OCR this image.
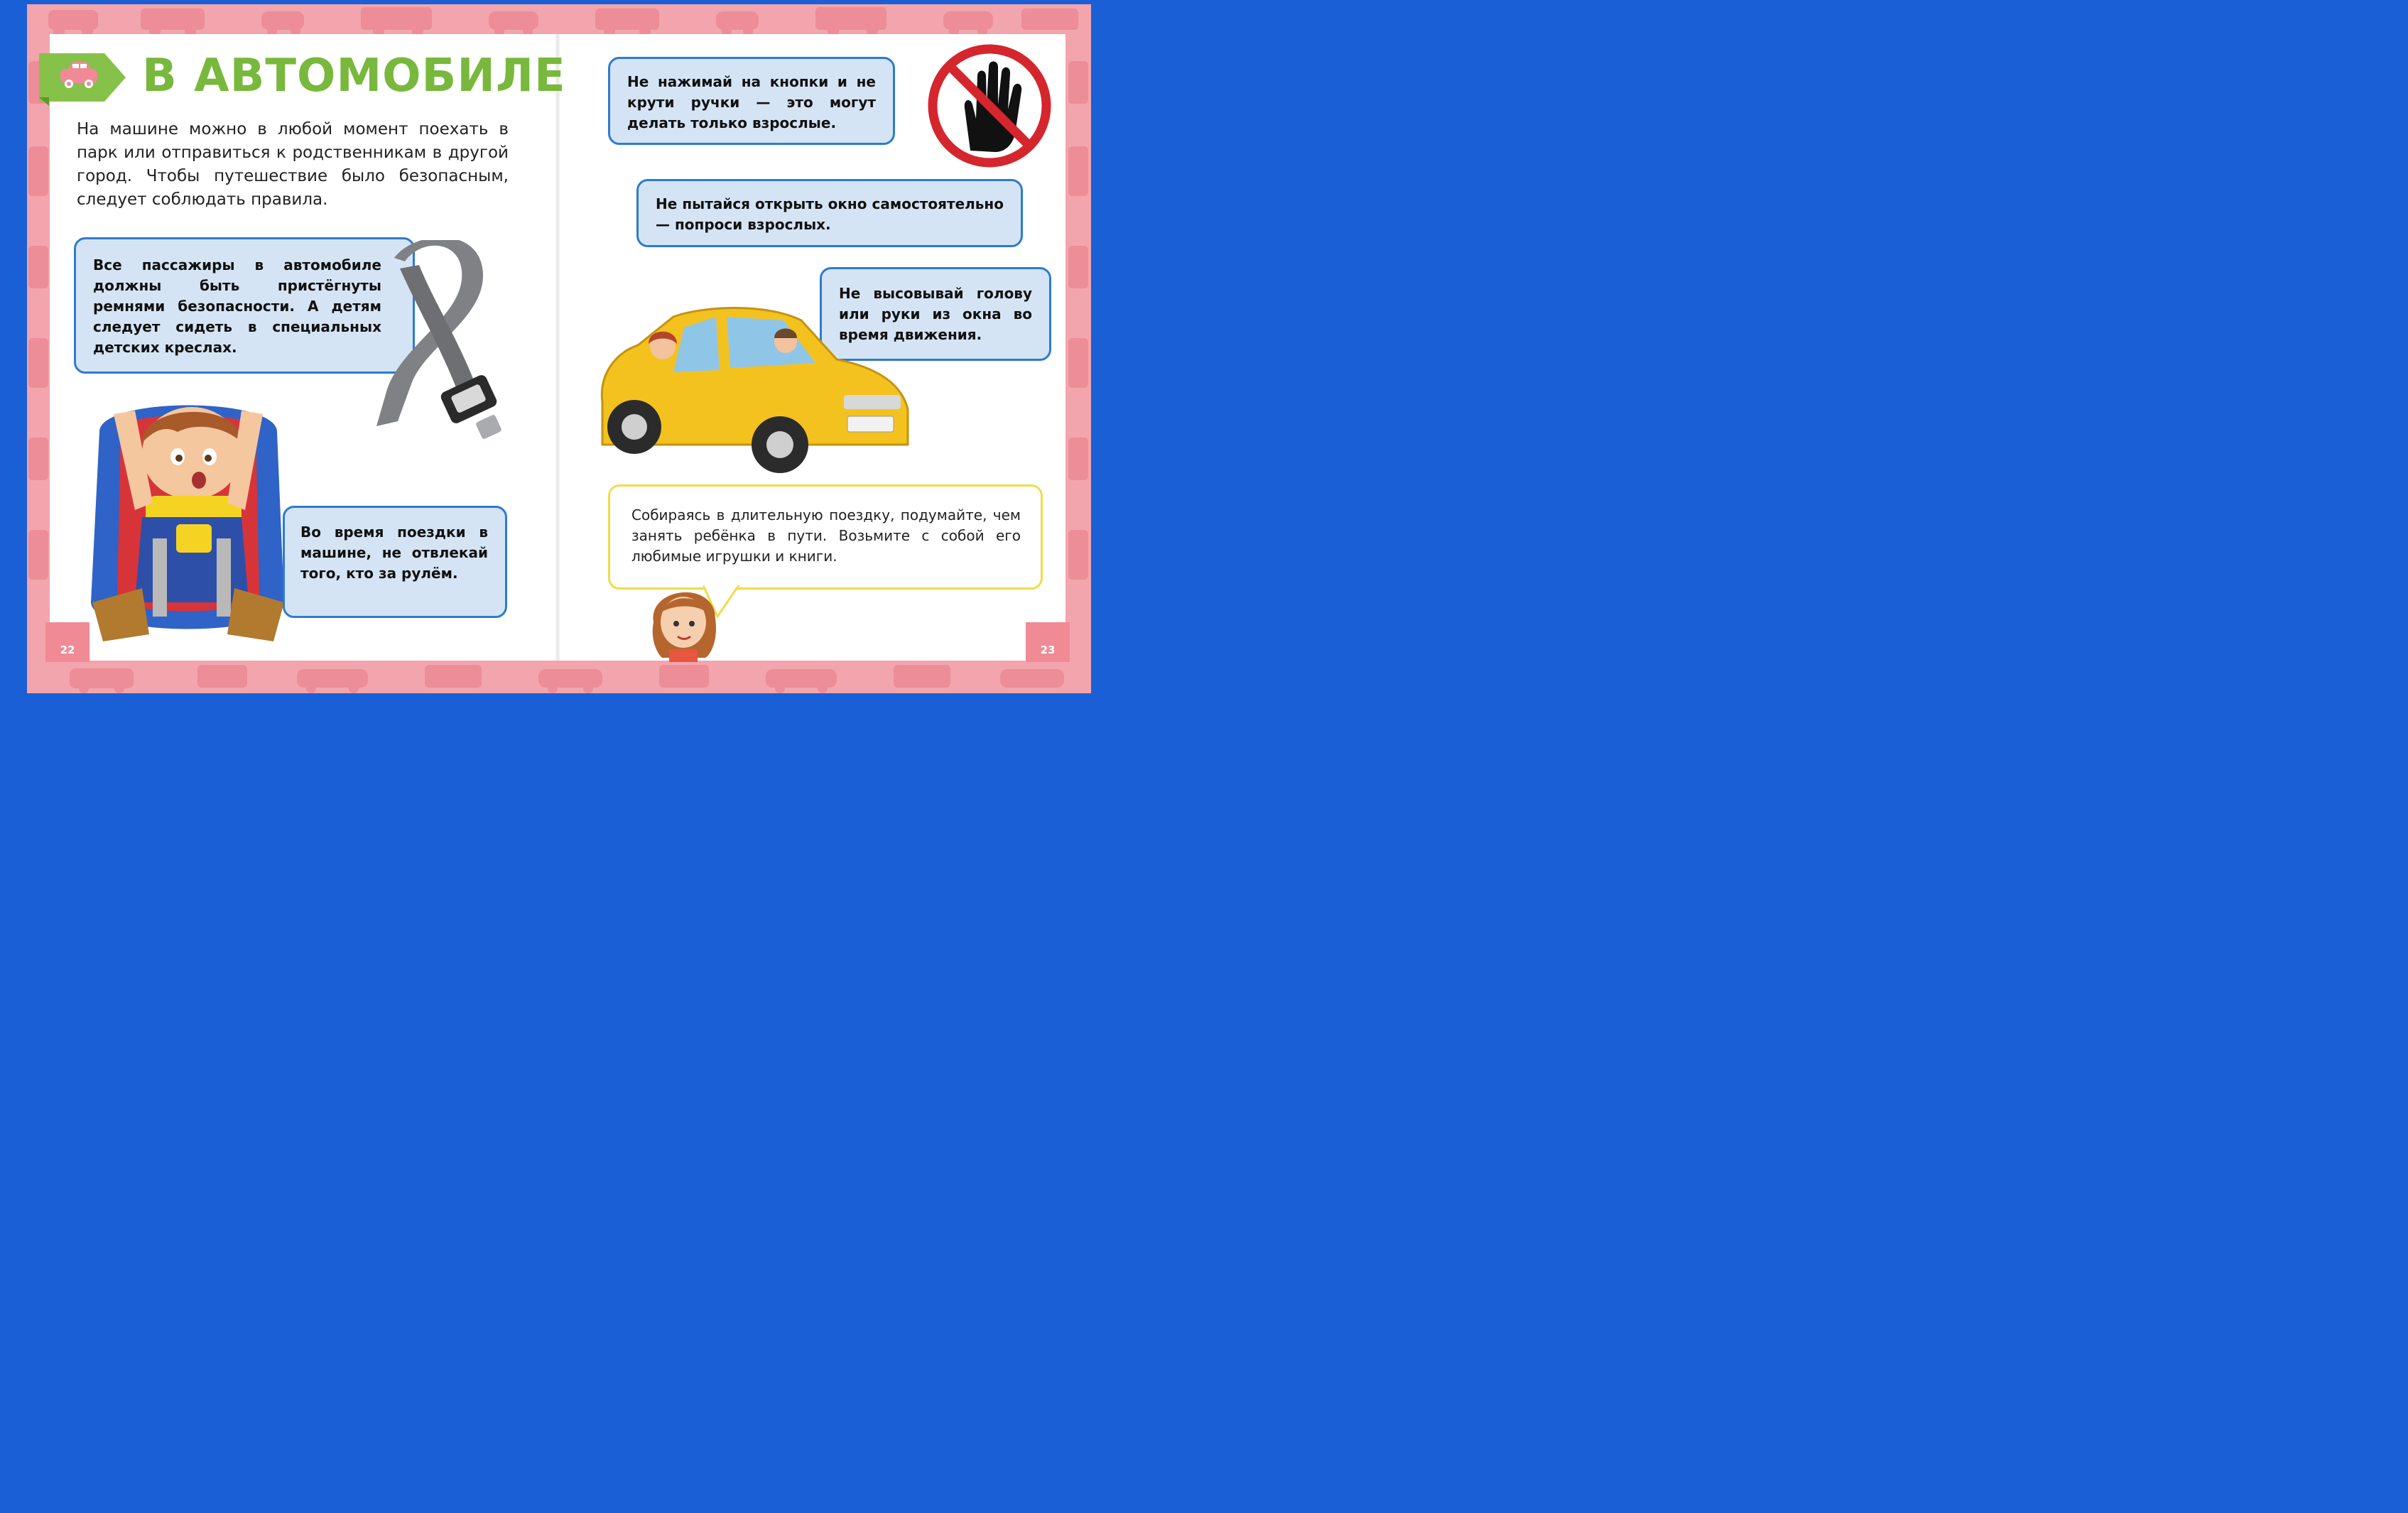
22	23
В АВТОМОБИЛЕ
На машине можно в любой момент поехать в парк или отправиться к родственникам в другой город. Чтобы путешествие было безопасным, следует соблюдать правила.
Все пассажиры в автомобиле должны быть пристёгнуты ремнями безопасности. А детям следует сидеть в специальных детских креслах.
Во время поездки в машине, не отвлекай того, кто за рулём.
Не нажимай на кнопки и не крути ручки — это могут делать только взрослые.
Не пытайся открыть окно самостоятельно — попроси взрослых.
Не высовывай голову или руки из окна во время движения.
Собираясь в длительную поездку, подумайте, чем занять ребёнка в пути. Возьмите с собой его любимые игрушки и книги.
